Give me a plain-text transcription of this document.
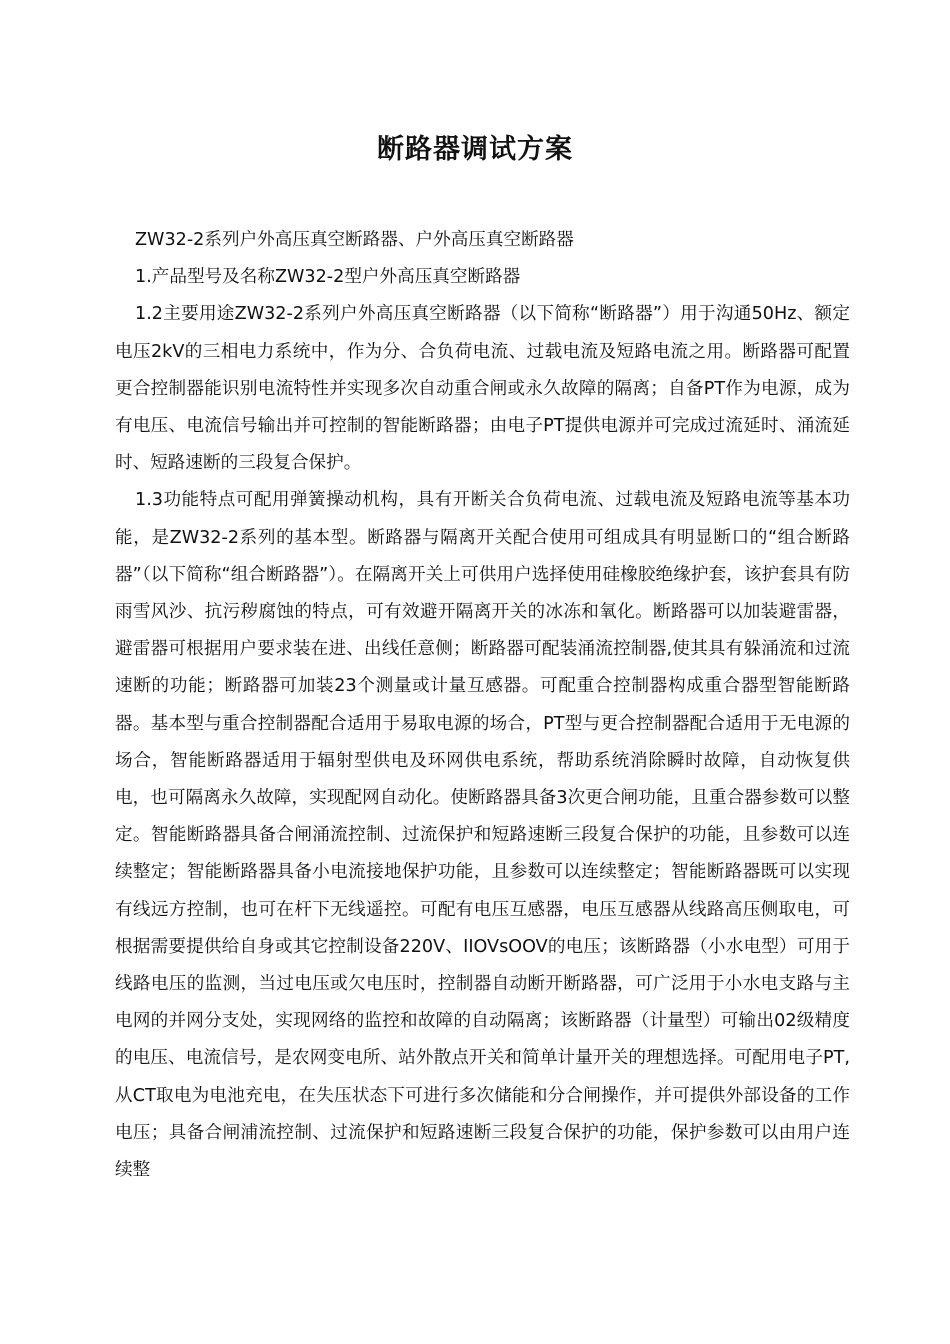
断路器调试方案

ZW32-2系列户外高压真空断路器、户外高压真空断路器

1.产品型号及名称ZW32-2型户外高压真空断路器

1.2主要用途ZW32-2系列户外高压真空断路器（以下简称“断路器”）用于沟通50Hz、额定电压2kV的三相电力系统中，作为分、合负荷电流、过载电流及短路电流之用。断路器可配置更合控制器能识别电流特性并实现多次自动重合闸或永久故障的隔离；自备PT作为电源，成为有电压、电流信号输出并可控制的智能断路器；由电子PT提供电源并可完成过流延时、涌流延时、短路速断的三段复合保护。

1.3功能特点可配用弹簧操动机构，具有开断关合负荷电流、过载电流及短路电流等基本功能，是ZW32-2系列的基本型。断路器与隔离开关配合使用可组成具有明显断口的“组合断路器”（以下简称“组合断路器”）。在隔离开关上可供用户选择使用硅橡胶绝缘护套，该护套具有防雨雪风沙、抗污秽腐蚀的特点，可有效避开隔离开关的冰冻和氧化。断路器可以加装避雷器，避雷器可根据用户要求装在进、出线任意侧；断路器可配装涌流控制器,使其具有躲涌流和过流速断的功能；断路器可加装23个测量或计量互感器。可配重合控制器构成重合器型智能断路器。基本型与重合控制器配合适用于易取电源的场合，PT型与更合控制器配合适用于无电源的场合，智能断路器适用于辐射型供电及环网供电系统，帮助系统消除瞬时故障，自动恢复供电，也可隔离永久故障，实现配网自动化。使断路器具备3次更合闸功能，且重合器参数可以整定。智能断路器具备合闸涌流控制、过流保护和短路速断三段复合保护的功能，且参数可以连续整定；智能断路器具备小电流接地保护功能，且参数可以连续整定；智能断路器既可以实现有线远方控制，也可在杆下无线遥控。可配有电压互感器，电压互感器从线路高压侧取电，可根据需要提供给自身或其它控制设备220V、IIOVsOOV的电压；该断路器（小水电型）可用于线路电压的监测，当过电压或欠电压时，控制器自动断开断路器，可广泛用于小水电支路与主电网的并网分支处，实现网络的监控和故障的自动隔离；该断路器（计量型）可输出02级精度的电压、电流信号，是农网变电所、站外散点开关和简单计量开关的理想选择。可配用电子PT,从CT取电为电池充电，在失压状态下可进行多次储能和分合闸操作，并可提供外部设备的工作电压；具备合闸浦流控制、过流保护和短路速断三段复合保护的功能，保护参数可以由用户连续整
